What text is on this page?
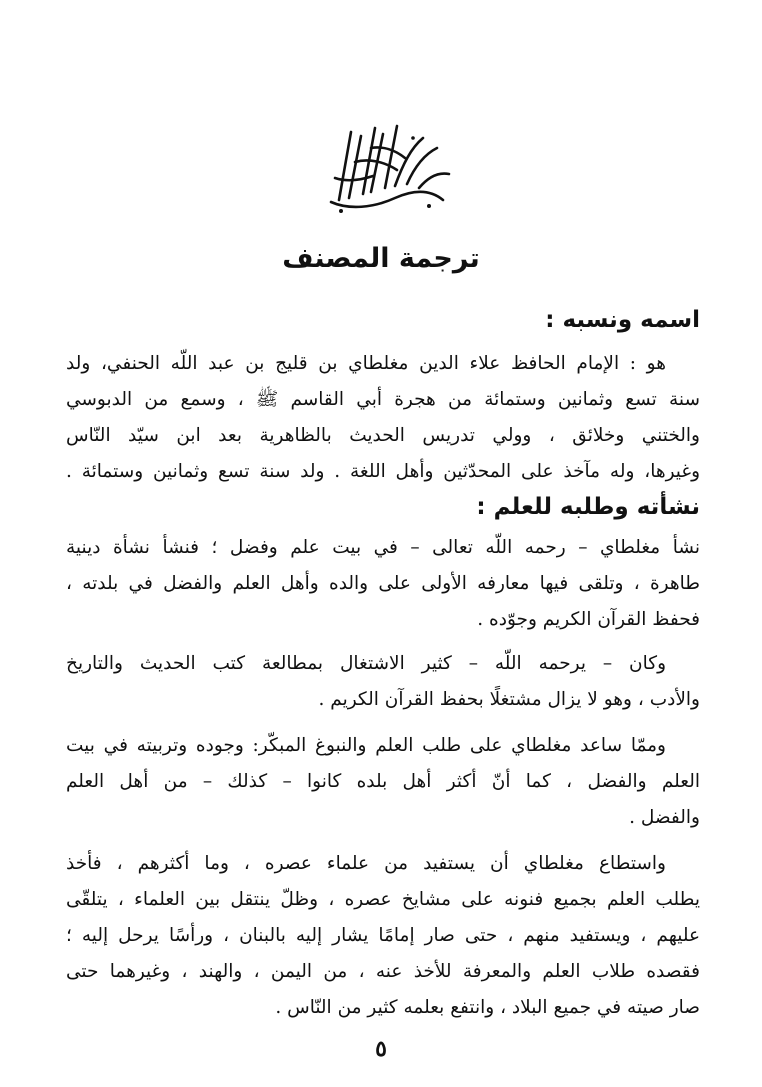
ترجمة المصنف
اسمه ونسبه :
هو : الإمام الحافظ علاء الدين مغلطاي بن قليج بن عبد اللّه الحنفي، ولد
سنة تسع وثمانين وستمائة من هجرة أبي القاسم ﷺ ، وسمع من الدبوسي
والختني وخلائق ، وولي تدريس الحديث بالظاهرية بعد ابن سيّد النّاس
وغيرها، وله مآخذ على المحدّثين وأهل اللغة . ولد سنة تسع وثمانين وستمائة .
نشأته وطلبه للعلم :
نشأ مغلطاي – رحمه اللّه تعالى – في بيت علم وفضل ؛ فنشأ نشأة دينية
طاهرة ، وتلقى فيها معارفه الأولى على والده وأهل العلم والفضل في بلدته ،
فحفظ القرآن الكريم وجوّده .
وكان – يرحمه اللّه – كثير الاشتغال بمطالعة كتب الحديث والتاريخ
والأدب ، وهو لا يزال مشتغلًا بحفظ القرآن الكريم .
وممّا ساعد مغلطاي على طلب العلم والنبوغ المبكّر: وجوده وتربيته في بيت
العلم والفضل ، كما أنّ أكثر أهل بلده كانوا – كذلك – من أهل العلم
والفضل .
واستطاع مغلطاي أن يستفيد من علماء عصره ، وما أكثرهم ، فأخذ
يطلب العلم بجميع فنونه على مشايخ عصره ، وظلّ ينتقل بين العلماء ، يتلقّى
عليهم ، ويستفيد منهم ، حتى صار إمامًا يشار إليه بالبنان ، ورأسًا يرحل إليه ؛
فقصده طلاب العلم والمعرفة للأخذ عنه ، من اليمن ، والهند ، وغيرهما حتى
صار صيته في جميع البلاد ، وانتفع بعلمه كثير من النّاس .
٥
